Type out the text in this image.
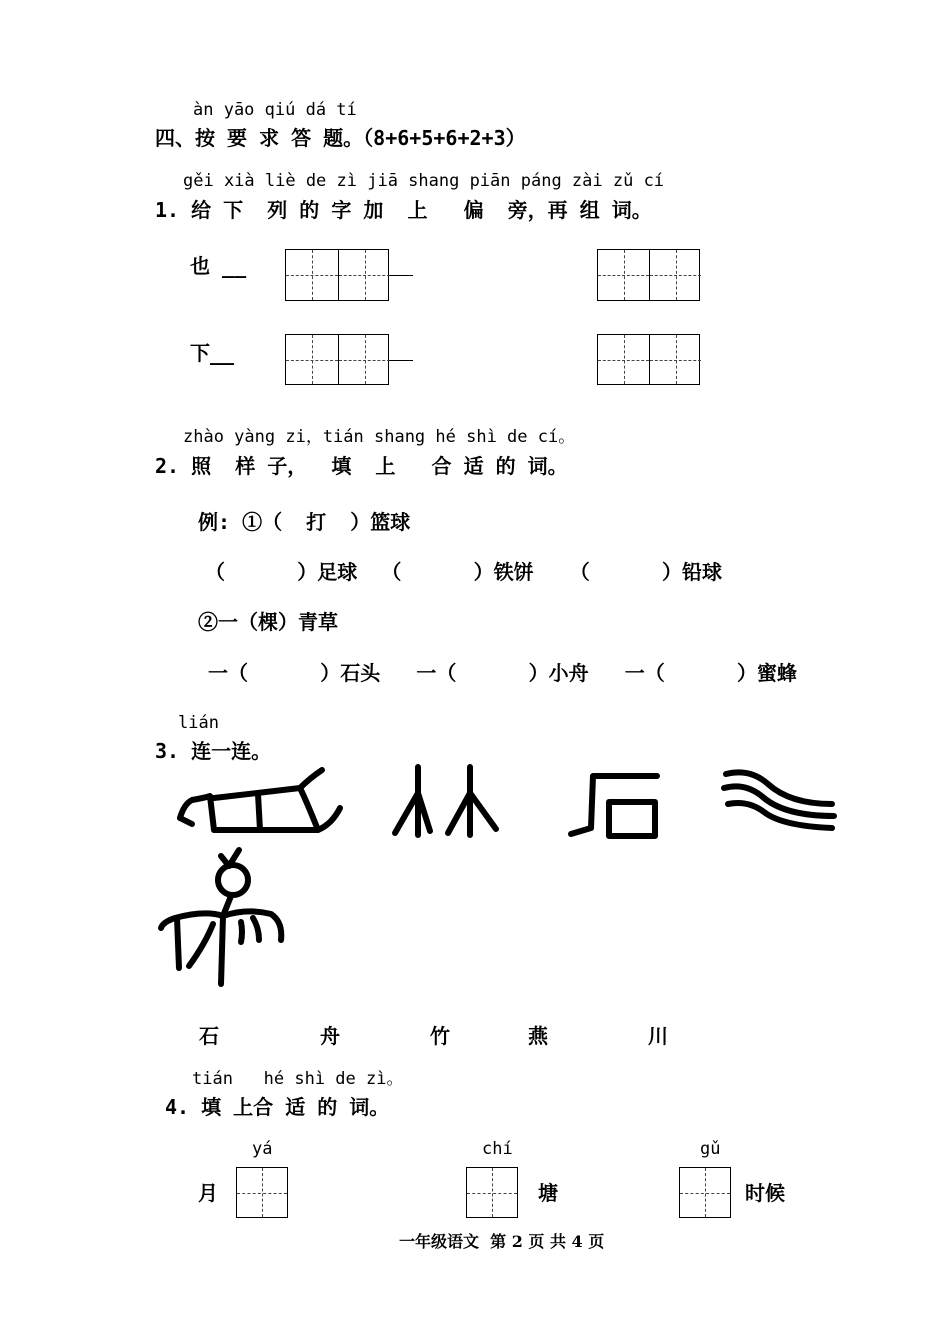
àn yāo qiú dá tí
四、按 要 求 答 题。（8+6+5+6+2+3）
gěi xià liè de zì jiā shang piān páng zài zǔ cí
1. 给 下  列 的 字 加  上   偏  旁，再 组 词。
也 __
下__
zhào yàng zi，tián shang hé shì de cí。
2. 照  样 子，  填  上   合 适 的 词。
例: ①（  打  ）篮球
（      ）足球  （      ）铁饼   （      ）铅球
②一（棵）青草
一（      ）石头   一（      ）小舟   一（      ）蜜蜂
lián
3. 连一连。
石	舟	竹	燕	川
tián   hé shì de zì。
4. 填 上合 适 的 词。
yá
月
chí
塘
gǔ
时候
一年级语文  第 2 页 共 4 页
